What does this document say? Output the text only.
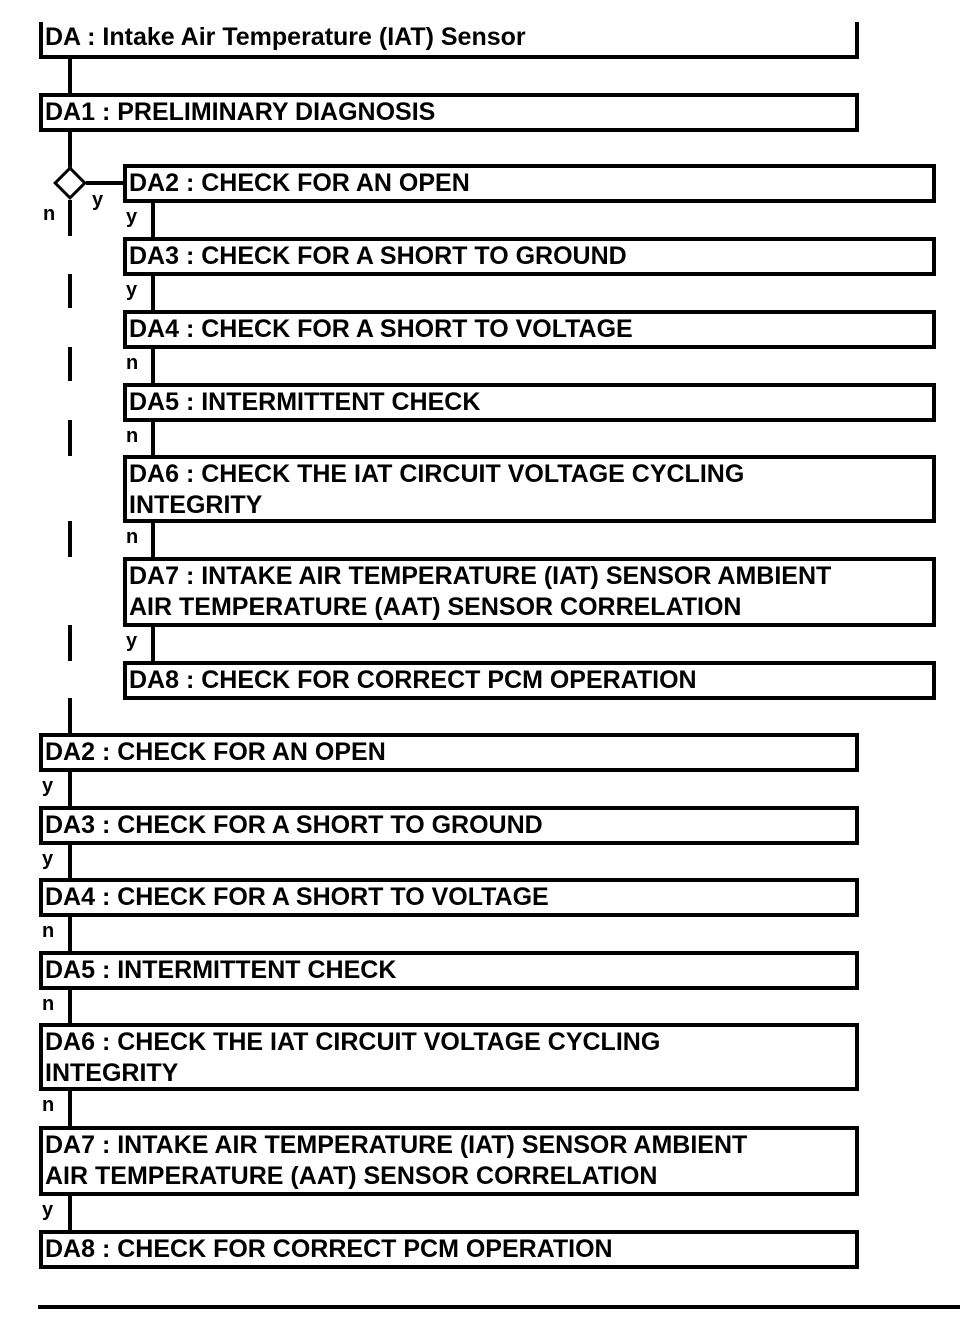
DA : Intake Air Temperature (IAT) Sensor
DA1 : PRELIMINARY DIAGNOSIS
y
n
DA2 : CHECK FOR AN OPEN
y
DA3 : CHECK FOR A SHORT TO GROUND
y
DA4 : CHECK FOR A SHORT TO VOLTAGE
n
DA5 : INTERMITTENT CHECK
n
DA6 : CHECK THE IAT CIRCUIT VOLTAGE CYCLING
INTEGRITY
n
DA7 : INTAKE AIR TEMPERATURE (IAT) SENSOR AMBIENT
AIR TEMPERATURE (AAT) SENSOR CORRELATION
y
DA8 : CHECK FOR CORRECT PCM OPERATION
DA2 : CHECK FOR AN OPEN
y
DA3 : CHECK FOR A SHORT TO GROUND
y
DA4 : CHECK FOR A SHORT TO VOLTAGE
n
DA5 : INTERMITTENT CHECK
n
DA6 : CHECK THE IAT CIRCUIT VOLTAGE CYCLING
INTEGRITY
n
DA7 : INTAKE AIR TEMPERATURE (IAT) SENSOR AMBIENT
AIR TEMPERATURE (AAT) SENSOR CORRELATION
y
DA8 : CHECK FOR CORRECT PCM OPERATION
